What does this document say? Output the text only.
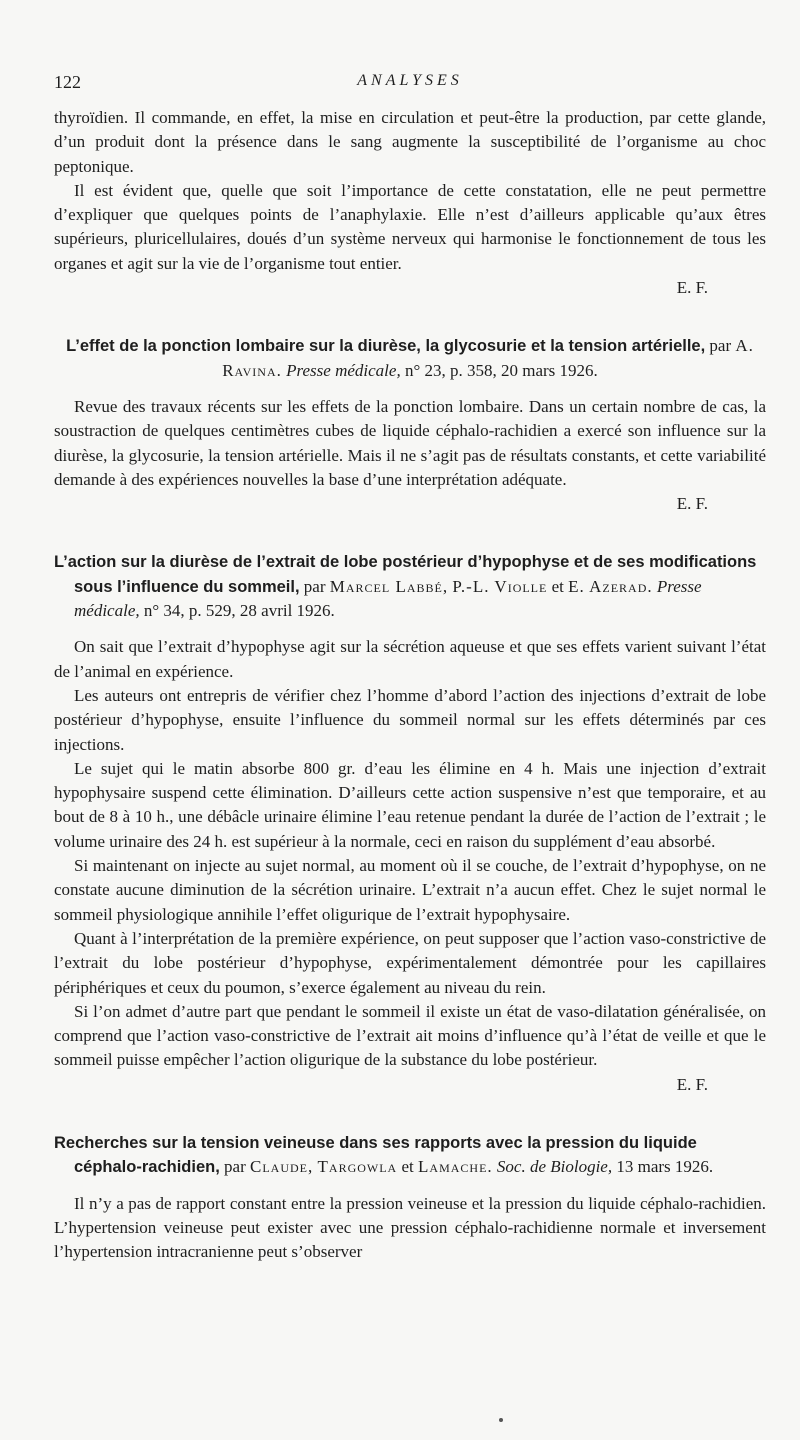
122	ANALYSES

thyroïdien. Il commande, en effet, la mise en circulation et peut-être la production, par cette glande, d’un produit dont la présence dans le sang augmente la susceptibilité de l’organisme au choc peptonique.

Il est évident que, quelle que soit l’importance de cette constatation, elle ne peut permettre d’expliquer que quelques points de l’anaphylaxie. Elle n’est d’ailleurs applicable qu’aux êtres supérieurs, pluricellulaires, doués d’un système nerveux qui harmonise le fonctionnement de tous les organes et agit sur la vie de l’organisme tout entier.

E. F.
L’effet de la ponction lombaire sur la diurèse, la glycosurie et la tension artérielle, par A. Ravina. Presse médicale, n° 23, p. 358, 20 mars 1926.

Revue des travaux récents sur les effets de la ponction lombaire. Dans un certain nombre de cas, la soustraction de quelques centimètres cubes de liquide céphalo-rachidien a exercé son influence sur la diurèse, la glycosurie, la tension artérielle. Mais il ne s’agit pas de résultats constants, et cette variabilité demande à des expériences nouvelles la base d’une interprétation adéquate.

E. F.
L’action sur la diurèse de l’extrait de lobe postérieur d’hypophyse et de ses modifications sous l’influence du sommeil, par Marcel Labbé, P.-L. Violle et E. Azerad. Presse médicale, n° 34, p. 529, 28 avril 1926.

On sait que l’extrait d’hypophyse agit sur la sécrétion aqueuse et que ses effets varient suivant l’état de l’animal en expérience.

Les auteurs ont entrepris de vérifier chez l’homme d’abord l’action des injections d’extrait de lobe postérieur d’hypophyse, ensuite l’influence du sommeil normal sur les effets déterminés par ces injections.

Le sujet qui le matin absorbe 800 gr. d’eau les élimine en 4 h. Mais une injection d’extrait hypophysaire suspend cette élimination. D’ailleurs cette action suspensive n’est que temporaire, et au bout de 8 à 10 h., une débâcle urinaire élimine l’eau retenue pendant la durée de l’action de l’extrait ; le volume urinaire des 24 h. est supérieur à la normale, ceci en raison du supplément d’eau absorbé.

Si maintenant on injecte au sujet normal, au moment où il se couche, de l’extrait d’hypophyse, on ne constate aucune diminution de la sécrétion urinaire. L’extrait n’a aucun effet. Chez le sujet normal le sommeil physiologique annihile l’effet oligurique de l’extrait hypophysaire.

Quant à l’interprétation de la première expérience, on peut supposer que l’action vaso-constrictive de l’extrait du lobe postérieur d’hypophyse, expérimentalement démontrée pour les capillaires périphériques et ceux du poumon, s’exerce également au niveau du rein.

Si l’on admet d’autre part que pendant le sommeil il existe un état de vaso-dilatation généralisée, on comprend que l’action vaso-constrictive de l’extrait ait moins d’influence qu’à l’état de veille et que le sommeil puisse empêcher l’action oligurique de la substance du lobe postérieur.

E. F.
Recherches sur la tension veineuse dans ses rapports avec la pression du liquide céphalo-rachidien, par Claude, Targowla et Lamache. Soc. de Biologie, 13 mars 1926.

Il n’y a pas de rapport constant entre la pression veineuse et la pression du liquide céphalo-rachidien. L’hypertension veineuse peut exister avec une pression céphalo-rachidienne normale et inversement l’hypertension intracranienne peut s’observer
